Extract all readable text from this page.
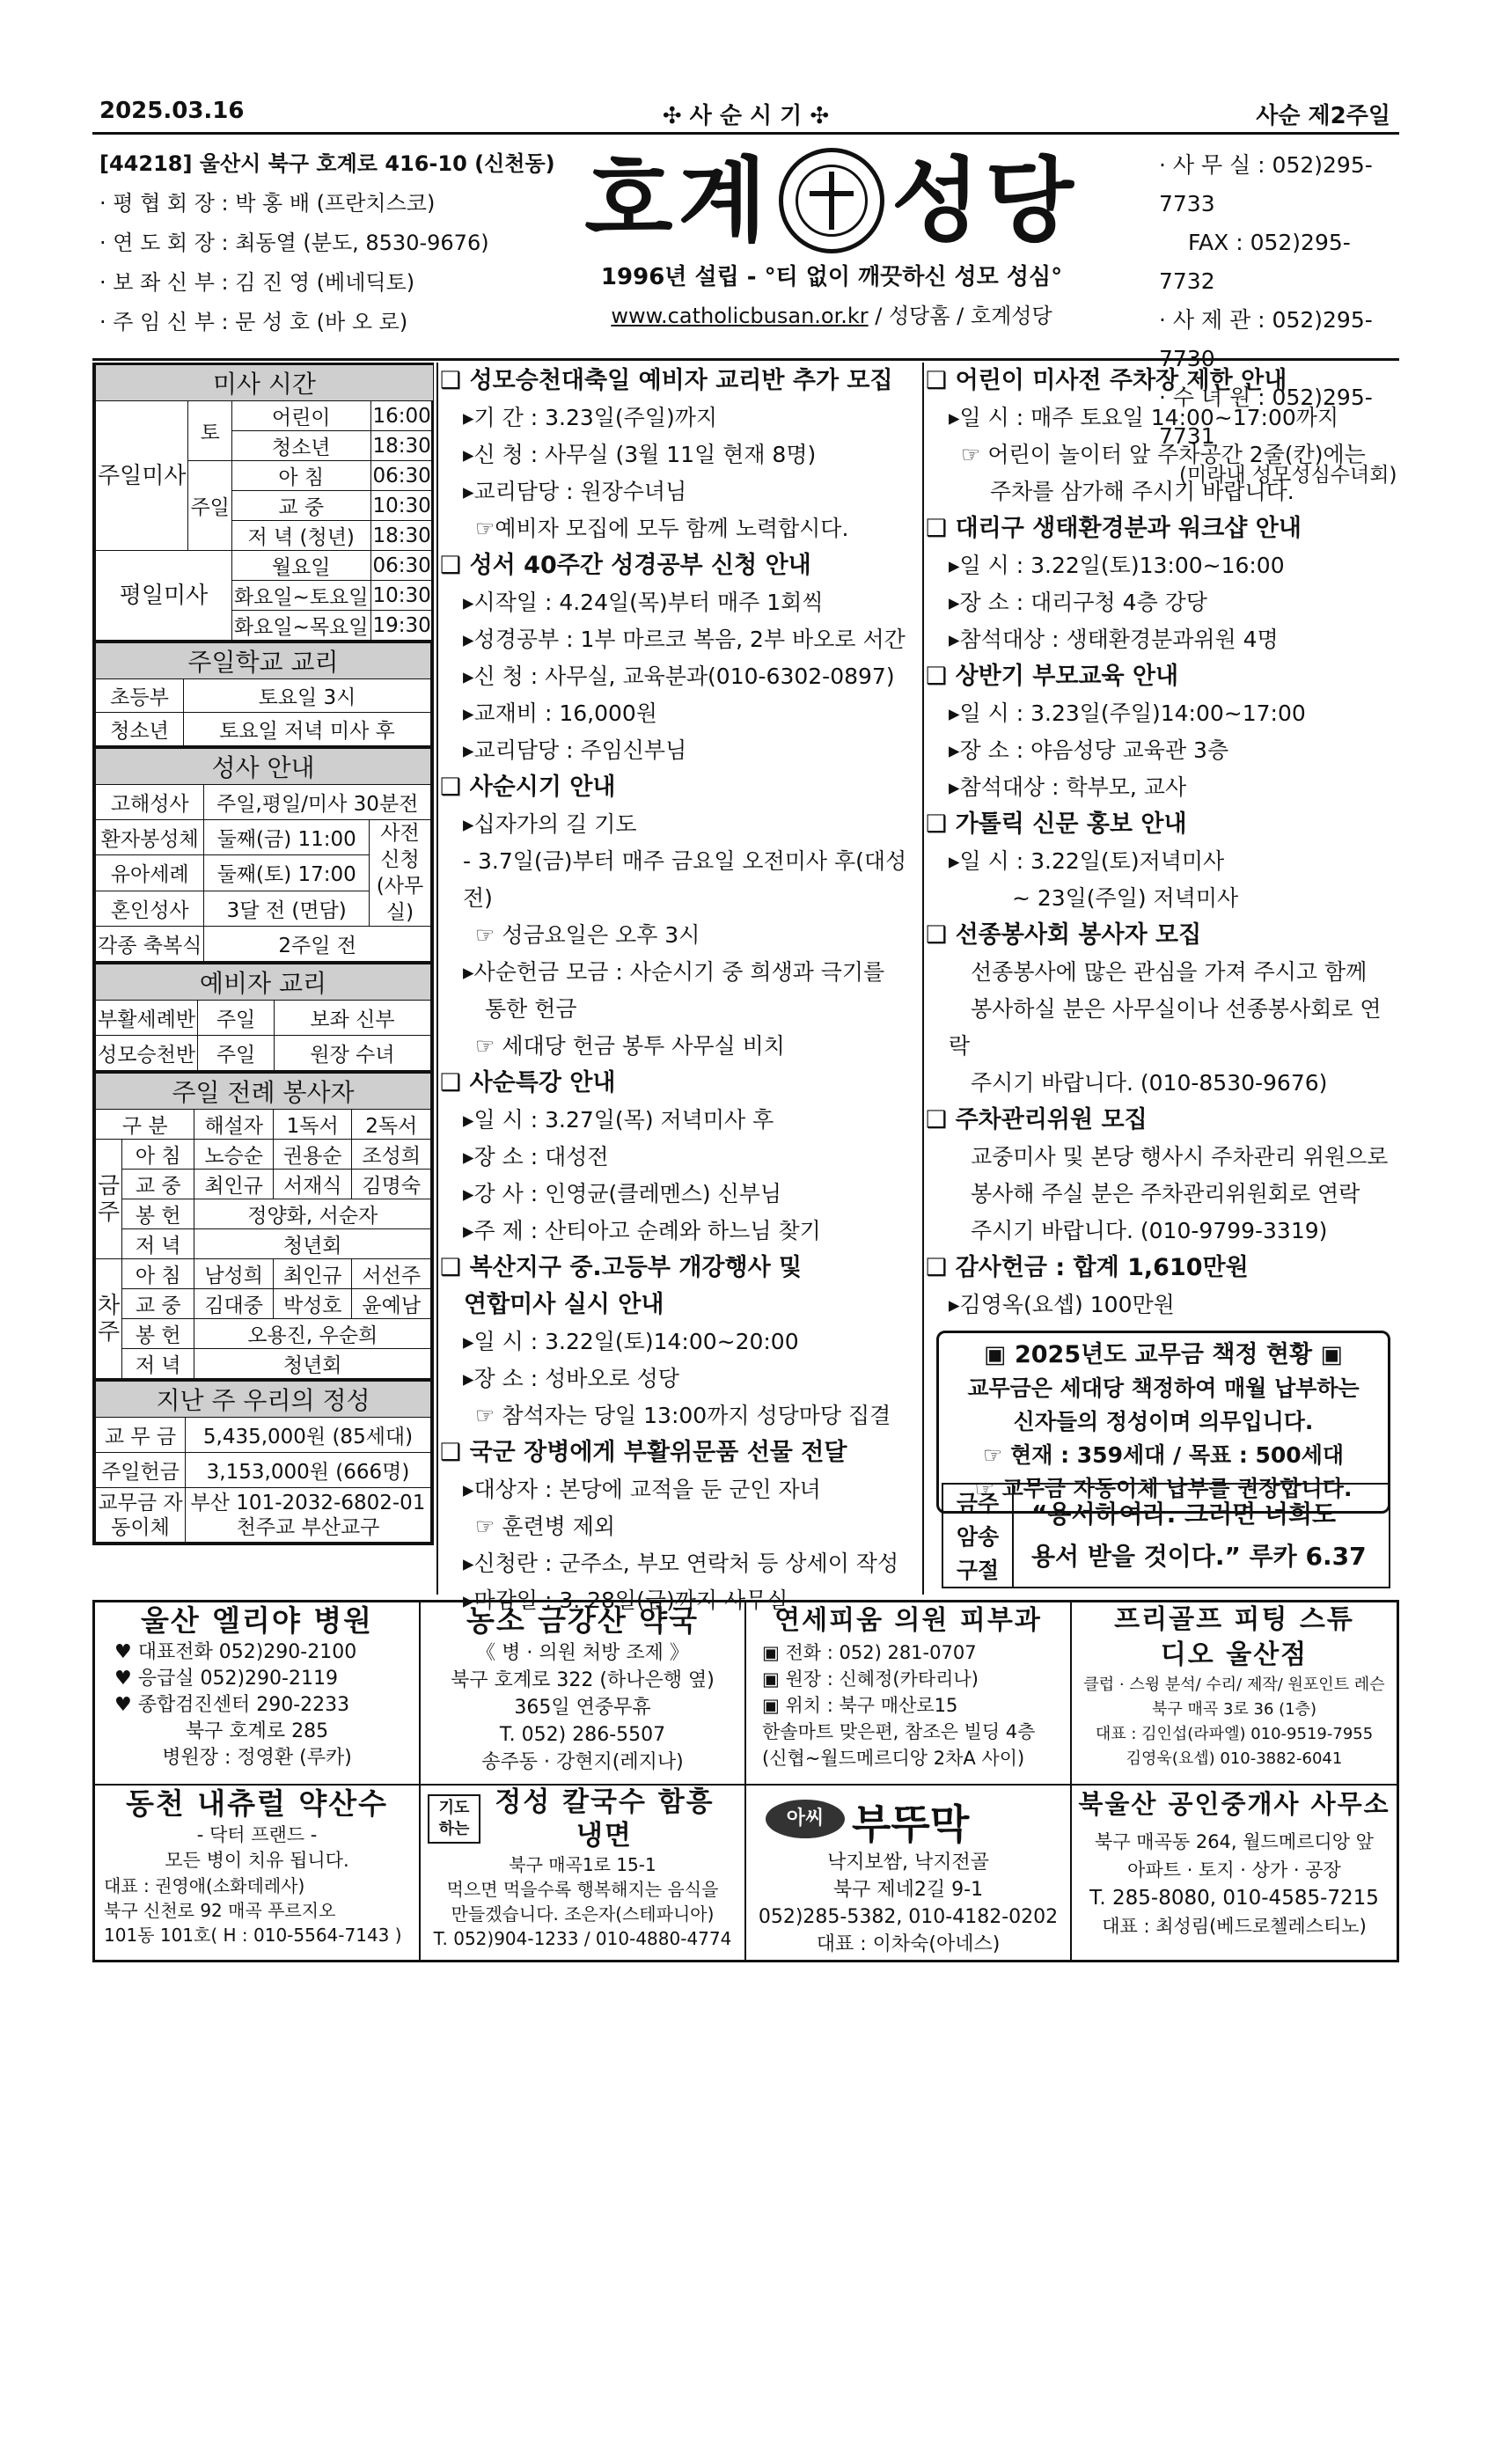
2025.03.16	✣ 사 순 시 기 ✣	사순 제2주일
[44218] 울산시 북구 호계로 416-10 (신천동)
· 평 협 회 장 : 박 홍 배 (프란치스코)
· 연 도 회 장 : 최동열 (분도, 8530-9676)
· 보 좌 신 부 : 김 진 영 (베네딕토)
· 주 임 신 부 : 문 성 호 (바 오 로)
호계 성당
1996년 설립 - °티 없이 깨끗하신 성모 성심°
www.catholicbusan.or.kr / 성당홈 / 호계성당
· 사 무 실 : 052)295-7733
　 FAX : 052)295-7732
· 사 제 관 : 052)295-7730
· 수 녀 원 : 052)295-7731
　(미라내 성모성심수녀회)
미사 시간			
주일미사	토	어린이	16:00
		청소년	18:30
	주일	아 침	06:30
		교 중	10:30
		저 녁 (청년)	18:30
평일미사		월요일	06:30
		화요일~토요일	10:30
		화요일~목요일	19:30
주일학교 교리	
초등부	토요일 3시
청소년	토요일 저녁 미사 후
성사 안내		
고해성사	주일,평일/미사 30분전	
환자봉성체	둘째(금) 11:00	사전 신청 (사무실)
유아세례	둘째(토) 17:00	
혼인성사	3달 전 (면담)	
각종 축복식	2주일 전	
예비자 교리		
부활세례반	주일	보좌 신부
성모승천반	주일	원장 수녀
주일 전례 봉사자				
구 분		해설자	1독서	2독서
금주	아 침	노승순	권용순	조성희
	교 중	최인규	서재식	김명숙
	봉 헌	정양화, 서순자		
	저 녁	청년회		
차주	아 침	남성희	최인규	서선주
	교 중	김대중	박성호	윤예남
	봉 헌	오용진, 우순희		
	저 녁	청년회		
지난 주 우리의 정성	
교 무 금	5,435,000원 (85세대)
주일헌금	3,153,000원 (666명)
교무금 자동이체	부산 101-2032-6802-01 천주교 부산교구
❑ 성모승천대축일 예비자 교리반 추가 모집
▸기 간 : 3.23일(주일)까지
▸신 청 : 사무실 (3월 11일 현재 8명)
▸교리담당 : 원장수녀님
☞예비자 모집에 모두 함께 노력합시다.
❑ 성서 40주간 성경공부 신청 안내
▸시작일 : 4.24일(목)부터 매주 1회씩
▸성경공부 : 1부 마르코 복음, 2부 바오로 서간
▸신 청 : 사무실, 교육분과(010-6302-0897)
▸교재비 : 16,000원
▸교리담당 : 주임신부님
❑ 사순시기 안내
▸십자가의 길 기도
- 3.7일(금)부터 매주 금요일 오전미사 후(대성전)
☞ 성금요일은 오후 3시
▸사순헌금 모금 : 사순시기 중 희생과 극기를
　통한 헌금
☞ 세대당 헌금 봉투 사무실 비치
❑ 사순특강 안내
▸일 시 : 3.27일(목) 저녁미사 후
▸장 소 : 대성전
▸강 사 : 인영균(클레멘스) 신부님
▸주 제 : 산티아고 순례와 하느님 찾기
❑ 복산지구 중.고등부 개강행사 및
　연합미사 실시 안내
▸일 시 : 3.22일(토)14:00~20:00
▸장 소 : 성바오로 성당
☞ 참석자는 당일 13:00까지 성당마당 집결
❑ 국군 장병에게 부활위문품 선물 전달
▸대상자 : 본당에 교적을 둔 군인 자녀
☞ 훈련병 제외
▸신청란 : 군주소, 부모 연락처 등 상세이 작성
▸마감일 : 3. 28일(금)까지 사무실
❑ 어린이 미사전 주차장 제한 안내
▸일 시 : 매주 토요일 14:00~17:00까지
☞ 어린이 놀이터 앞 주차공간 2줄(칸)에는
　 주차를 삼가해 주시기 바랍니다.
❑ 대리구 생태환경분과 워크샵 안내
▸일 시 : 3.22일(토)13:00~16:00
▸장 소 : 대리구청 4층 강당
▸참석대상 : 생태환경분과위원 4명
❑ 상반기 부모교육 안내
▸일 시 : 3.23일(주일)14:00~17:00
▸장 소 : 야음성당 교육관 3층
▸참석대상 : 학부모, 교사
❑ 가톨릭 신문 홍보 안내
▸일 시 : 3.22일(토)저녁미사
　　 ~ 23일(주일) 저녁미사
❑ 선종봉사회 봉사자 모집
　선종봉사에 많은 관심을 가져 주시고 함께
　봉사하실 분은 사무실이나 선종봉사회로 연락
　주시기 바랍니다. (010-8530-9676)
❑ 주차관리위원 모집
　교중미사 및 본당 행사시 주차관리 위원으로
　봉사해 주실 분은 주차관리위원회로 연락
　주시기 바랍니다. (010-9799-3319)
❑ 감사헌금 : 합계 1,610만원
▸김영옥(요셉) 100만원
▣ 2025년도 교무금 책정 현황 ▣
교무금은 세대당 책정하여 매월 납부하는
신자들의 정성이며 의무입니다.
☞ 현재 : 359세대 / 목표 : 500세대
☞ 교무금 자동이체 납부를 권장합니다.
금주 암송 구절
“용서하여라. 그러면 너희도
용서 받을 것이다.” 루카 6.37
울산 엘리야 병원
♥ 대표전화 052)290-2100
♥ 응급실 052)290-2119
♥ 종합검진센터 290-2233
북구 호계로 285
병원장 : 정영환 (루카)
농소 금강산 약국
《 병 · 의원 처방 조제 》
북구 호계로 322 (하나은행 옆)
365일 연중무휴
T. 052) 286-5507
송주동 · 강현지(레지나)
연세피움 의원 피부과
▣ 전화 : 052) 281-0707
▣ 원장 : 신혜정(카타리나)
▣ 위치 : 북구 매산로15
한솔마트 맞은편, 참조은 빌딩 4층
(신협~월드메르디앙 2차A 사이)
프리골프 피팅 스튜디오 울산점
클럽 · 스윙 분석/ 수리/ 제작/ 원포인트 레슨
북구 매곡 3로 36 (1층)
대표 : 김인섭(라파엘) 010-9519-7955
김영욱(요셉) 010-3882-6041
동천 내츄럴 약산수
- 닥터 프랜드 -
모든 병이 치유 됩니다.
대표 : 권영애(소화데레사)
북구 신천로 92 매곡 푸르지오
101동 101호( H : 010-5564-7143 )
기도 하는
정성 칼국수 함흥냉면
북구 매곡1로 15-1
먹으면 먹을수록 행복해지는 음식을
만들겠습니다. 조은자(스테파니아)
T. 052)904-1233 / 010-4880-4774
아씨 부뚜막
낙지보쌈, 낙지전골
북구 제네2길 9-1
052)285-5382, 010-4182-0202
대표 : 이차숙(아네스)
북울산 공인중개사 사무소
북구 매곡동 264, 월드메르디앙 앞
아파트 · 토지 · 상가 · 공장
T. 285-8080, 010-4585-7215
대표 : 최성림(베드로첼레스티노)
